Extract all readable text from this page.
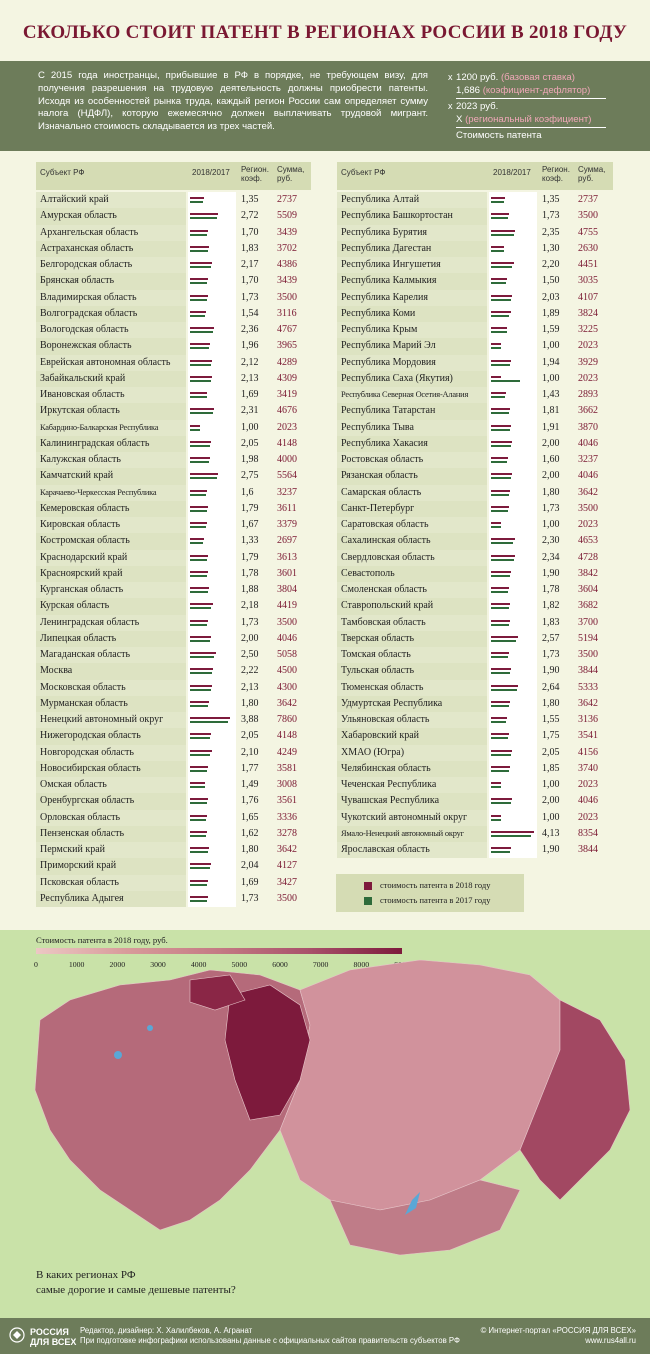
СКОЛЬКО СТОИТ ПАТЕНТ В РЕГИОНАХ РОССИИ В 2018 ГОДУ
С 2015 года иностранцы, прибывшие в РФ в порядке, не требующем визу, для получения разрешения на трудовую деятельность должны приобрести патенты. Исходя из особенностей рынка труда, каждый регион России сам определяет сумму налога (НДФЛ), которую ежемесячно должен выплачивать трудовой мигрант. Изначально стоимость складывается из трех частей.
x 1200 руб. (базовая ставка)
1,686 (коэфициент-дефлятор)
x 2023 руб.
X (региональный коэфициент)
Стоимость патента
Субъект РФ	2018/2017 Регион. коэф.
Сумма, руб.
Алтайский край	1,35 2737
Амурская область	2,72 5509
Архангельская область	1,70 3439
Астраханская область	1,83 3702
Белгородская область	2,17 4386
Брянская область	1,70 3439
Владимирская область	1,73 3500
Волгоградская область	1,54 3116
Вологодская область	2,36 4767
Воронежская область	1,96 3965
Еврейская автономная область	2,12 4289
Забайкальский край	2,13 4309
Ивановская область	1,69 3419
Иркутская область	2,31 4676
Кабардино-Балкарская Республика	1,00 2023
Калининградская область	2,05 4148
Калужская область	1,98 4000
Камчатский край	2,75 5564
Карачаево-Черкесская Республика	1,6 3237
Кемеровская область	1,79 3611
Кировская область	1,67 3379
Костромская область	1,33 2697
Краснодарский край	1,79 3613
Красноярский край	1,78 3601
Курганская область	1,88 3804
Курская область	2,18 4419
Ленинградская область	1,73 3500
Липецкая область	2,00 4046
Магаданская область	2,50 5058
Москва	2,22 4500
Московская область	2,13 4300
Мурманская область	1,80 3642
Ненецкий автономный округ	3,88 7860
Нижегородская область	2,05 4148
Новгородская область	2,10 4249
Новосибирская область	1,77 3581
Омская область	1,49 3008
Оренбургская область	1,76 3561
Орловская область	1,65 3336
Пензенская область	1,62 3278
Пермский край	1,80 3642
Приморский край	2,04 4127
Псковская область	1,69 3427
Республика Адыгея	1,73 3500
Субъект РФ	2018/2017 Регион. коэф.
Сумма, руб.
Республика Алтай	1,35 2737
Республика Башкортостан	1,73 3500
Республика Бурятия	2,35 4755
Республика Дагестан	1,30 2630
Республика Ингушетия	2,20 4451
Республика Калмыкия	1,50 3035
Республика Карелия	2,03 4107
Республика Коми	1,89 3824
Республика Крым	1,59 3225
Республика Марий Эл	1,00 2023
Республика Мордовия	1,94 3929
Республика Саха (Якутия)	1,00 2023
Республика Северная Осетия-Алания	1,43 2893
Республика Татарстан	1,81 3662
Республика Тыва	1,91 3870
Республика Хакасия	2,00 4046
Ростовская область	1,60 3237
Рязанская область	2,00 4046
Самарская область	1,80 3642
Санкт-Петербург	1,73 3500
Саратовская область	1,00 2023
Сахалинская область	2,30 4653
Свердловская область	2,34 4728
Севастополь	1,90 3842
Смоленская область	1,78 3604
Ставропольский край	1,82 3682
Тамбовская область	1,83 3700
Тверская область	2,57 5194
Томская область	1,73 3500
Тульская область	1,90 3844
Тюменская область	2,64 5333
Удмуртская Республика	1,80 3642
Ульяновская область	1,55 3136
Хабаровский край	1,75 3541
ХМАО (Югра)	2,05 4156
Челябинская область	1,85 3740
Чеченская Республика	1,00 2023
Чувашская Республика	2,00 4046
Чукотский автономный округ	1,00 2023
Ямало-Ненецкий автономный округ	4,13 8354
Ярославская область	1,90 3844
стоимость патента в 2018 году
стоимость патента в 2017 году
Стоимость патента в 2018 году, руб.
0	1000	2000	3000	4000	5000	6000	7000	8000
В каких регионах РФ
самые дорогие и самые дешевые патенты?
РОССИЯ
ДЛЯ ВСЕХ
Редактор, дизайнер: Х. Халилбеков, А. Агранат
При подготовке инфографики использованы данные с официальных сайтов правительств субъектов РФ
© Интернет-портал «РОССИЯ ДЛЯ ВСЕХ»
www.rus4all.ru
